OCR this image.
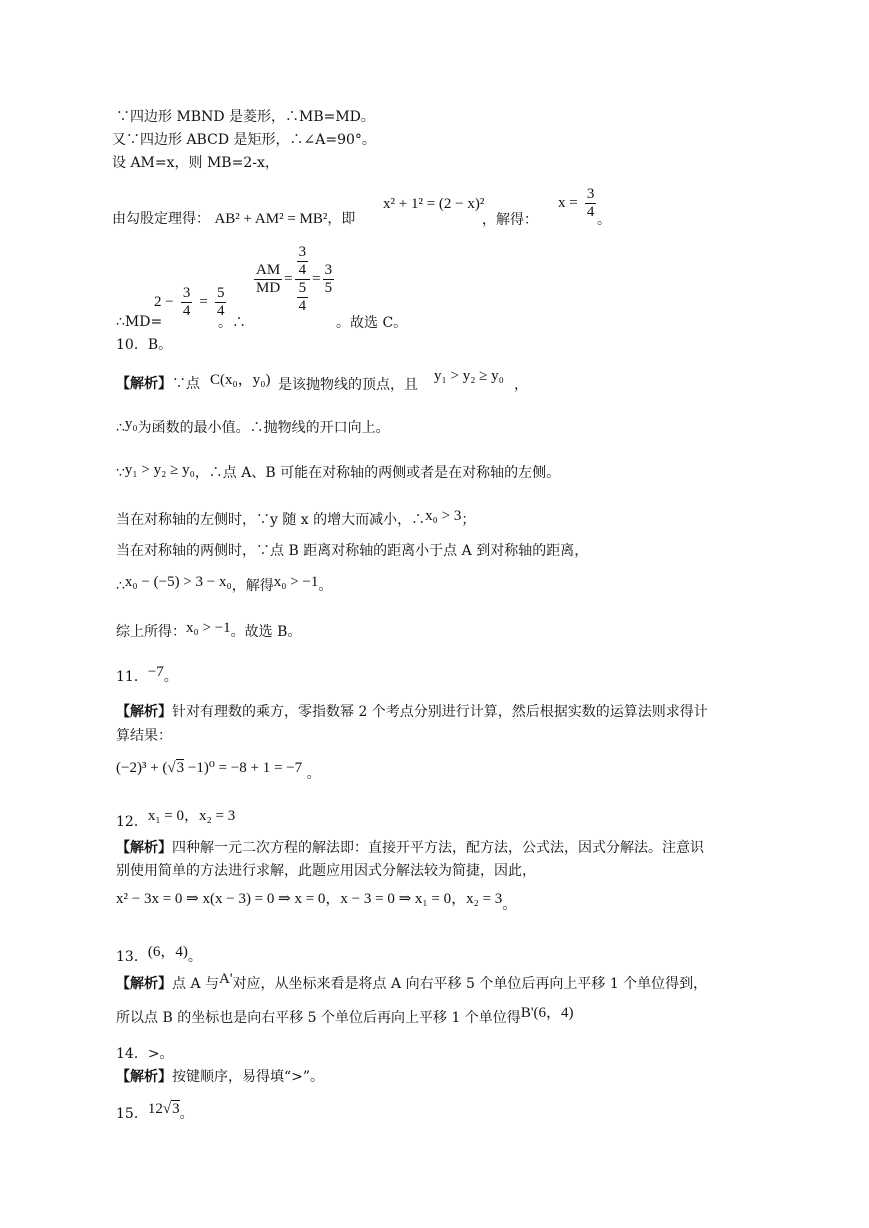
∵四边形 MBND 是菱形，∴MB=MD。
又∵四边形 ABCD 是矩形，∴∠A=90°。
设 AM=x，则 MB=2-x，
由勾股定理得： AB² + AM² = MB²，即
x² + 1² = (2 − x)²
，解得：
$x = \frac{3}{4}$ 。
∴MD=
$2 - \frac{3}{4} = \frac{5}{4}$
。∴
$\frac{AM}{MD} = 3$
4
5
$4 = \frac{3}{5}$
。故选 C。
10．B。
【解析】∵点 C(x₀，y₀) 是该抛物线的顶点，且
y₁ > y₂ ≥ y₀
，
∴y₀为函数的最小值。∴抛物线的开口向上。
∵y₁ > y₂ ≥ y₀，∴点 A、B 可能在对称轴的两侧或者是在对称轴的左侧。
当在对称轴的左侧时，∵y 随 x 的增大而减小，∴x₀ > 3；
当在对称轴的两侧时，∵点 B 距离对称轴的距离小于点 A 到对称轴的距离，
∴x₀ − (−5) > 3 − x₀，解得x₀ > −1。
综上所得：x₀ > −1。故选 B。
11．−7。
【解析】针对有理数的乘方，零指数幂 2 个考点分别进行计算，然后根据实数的运算法则求得计
算结果：
(−2)³ + (√3 −1)⁰ = −8 + 1 = −7 。
12．x₁ = 0，x₂ = 3
【解析】四种解一元二次方程的解法即：直接开平方法，配方法，公式法，因式分解法。注意识
别使用简单的方法进行求解，此题应用因式分解法较为简捷，因此，
x² − 3x = 0 ⇒ x(x − 3) = 0 ⇒ x = 0，x − 3 = 0 ⇒ x₁ = 0，x₂ = 3。
13．(6，4)。
【解析】点 A 与A'对应，从坐标来看是将点 A 向右平移 5 个单位后再向上平移 1 个单位得到，
所以点 B 的坐标也是向右平移 5 个单位后再向上平移 1 个单位得B'(6，4)
14．>。
【解析】按键顺序，易得填“>”。
15．12√3。
